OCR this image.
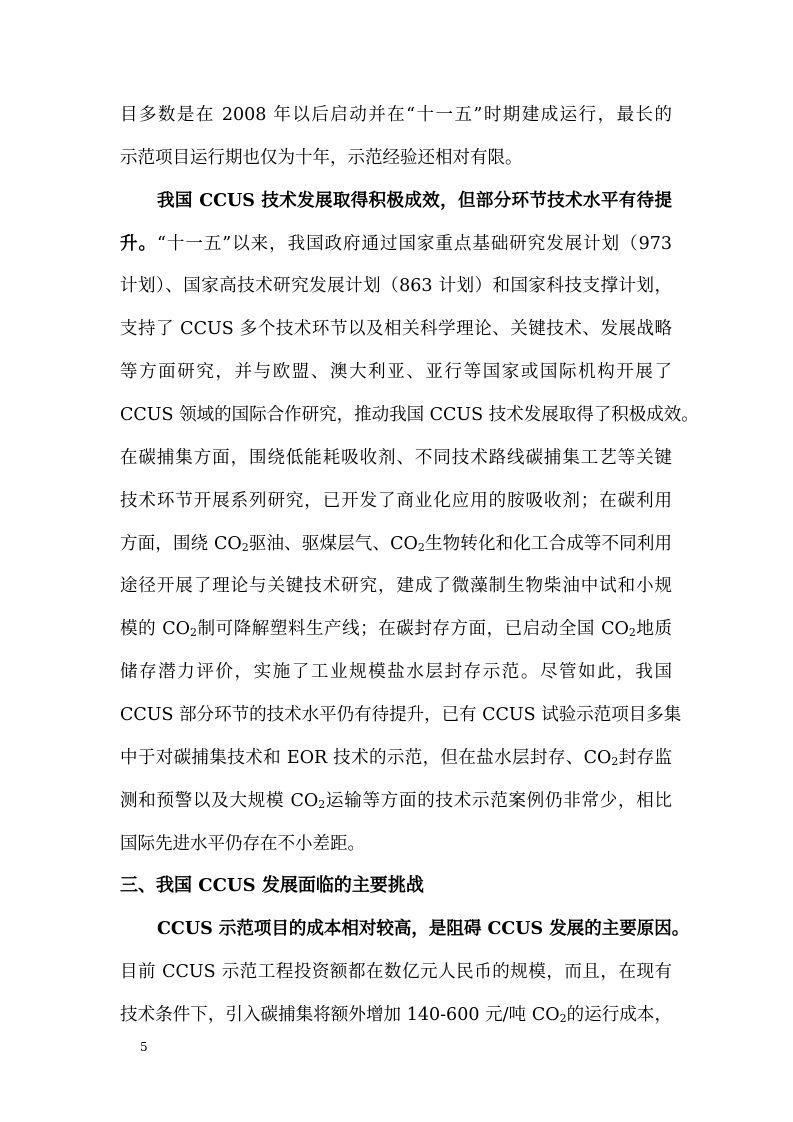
目多数是在 2008 年以后启动并在“十一五”时期建成运行，最长的
示范项目运行期也仅为十年，示范经验还相对有限。
我国 CCUS 技术发展取得积极成效，但部分环节技术水平有待提
升。“十一五”以来，我国政府通过国家重点基础研究发展计划（973
计划）、国家高技术研究发展计划（863 计划）和国家科技支撑计划，
支持了 CCUS 多个技术环节以及相关科学理论、关键技术、发展战略
等方面研究，并与欧盟、澳大利亚、亚行等国家或国际机构开展了
CCUS 领域的国际合作研究，推动我国 CCUS 技术发展取得了积极成效。
在碳捕集方面，围绕低能耗吸收剂、不同技术路线碳捕集工艺等关键
技术环节开展系列研究，已开发了商业化应用的胺吸收剂；在碳利用
方面，围绕 $CO_2$驱油、驱煤层气、$CO_2$生物转化和化工合成等不同利用
途径开展了理论与关键技术研究，建成了微藻制生物柴油中试和小规
模的 $CO_2$制可降解塑料生产线；在碳封存方面，已启动全国 $CO_2$地质
储存潜力评价，实施了工业规模盐水层封存示范。尽管如此，我国
CCUS 部分环节的技术水平仍有待提升，已有 CCUS 试验示范项目多集
中于对碳捕集技术和 EOR 技术的示范，但在盐水层封存、$CO_2$封存监
测和预警以及大规模 $CO_2$运输等方面的技术示范案例仍非常少，相比
国际先进水平仍存在不小差距。
三、我国 CCUS 发展面临的主要挑战
CCUS 示范项目的成本相对较高，是阻碍 CCUS 发展的主要原因。
目前 CCUS 示范工程投资额都在数亿元人民币的规模，而且，在现有
技术条件下，引入碳捕集将额外增加 140-600 元/吨 $CO_2$的运行成本，
5
